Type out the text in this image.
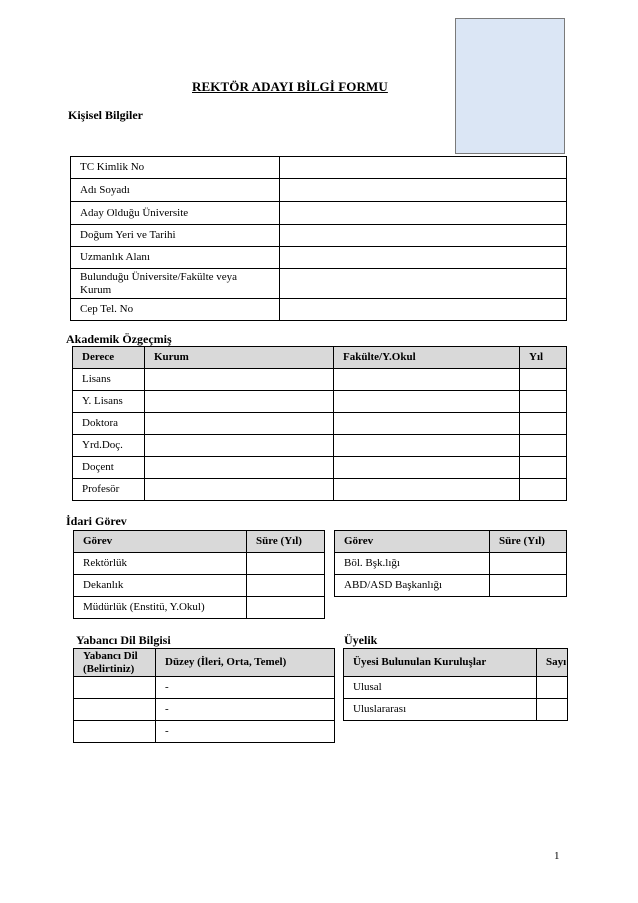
REKTÖR ADAYI BİLGİ FORMU
Kişisel Bilgiler
TC Kimlik No	
Adı Soyadı	
Aday Olduğu Üniversite	
Doğum Yeri ve Tarihi	
Uzmanlık Alanı	
Bulunduğu Üniversite/Fakülte veya Kurum	
Cep Tel. No	
Akademik Özgeçmiş
Derece	Kurum	Fakülte/Y.Okul	Yıl
Lisans			
Y. Lisans			
Doktora			
Yrd.Doç.			
Doçent			
Profesör			
İdari Görev
Görev	Süre (Yıl)
Rektörlük	
Dekanlık	
Müdürlük (Enstitü, Y.Okul)	
Görev	Süre (Yıl)
Böl. Bşk.lığı	
ABD/ASD Başkanlığı	
Yabancı Dil Bilgisi	Üyelik
Yabancı Dil (Belirtiniz)	Düzey (İleri, Orta, Temel)
	-
	-
	-
Üyesi Bulunulan Kuruluşlar	Sayı
Ulusal	
Uluslararası	
1
